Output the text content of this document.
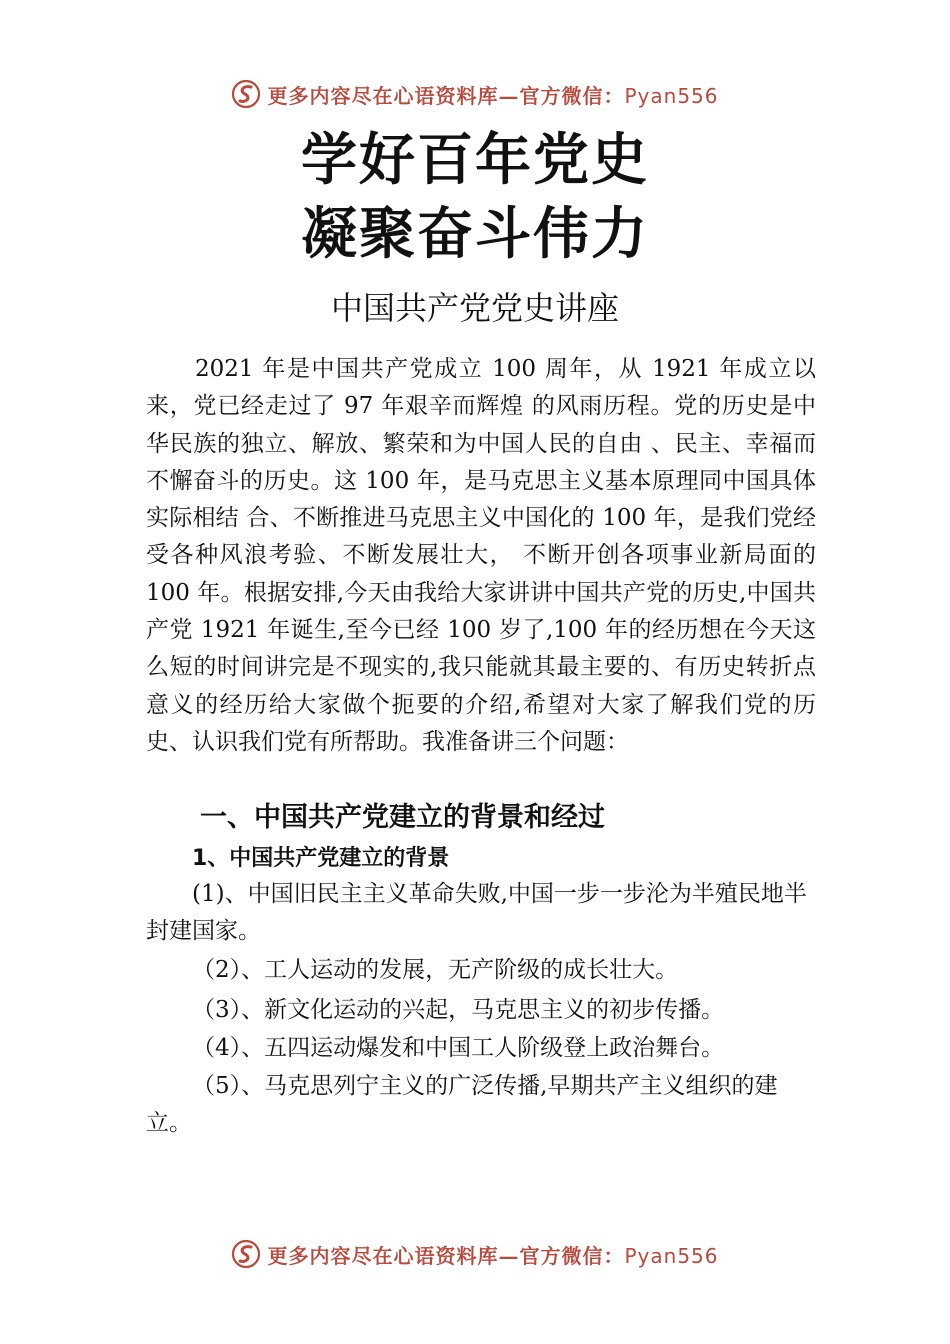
更多内容尽在心语资料库—官方微信：Pyan556
学好百年党史
凝聚奋斗伟力
中国共产党党史讲座
2021 年是中国共产党成立 100 周年，从 1921 年成立以来，党已经走过了 97 年艰辛而辉煌 的风雨历程。党的历史是中华民族的独立、解放、繁荣和为中国人民的自由 、民主、幸福而不懈奋斗的历史。这 100 年，是马克思主义基本原理同中国具体实际相结 合、不断推进马克思主义中国化的 100 年，是我们党经受各种风浪考验、不断发展壮大， 不断开创各项事业新局面的 100 年。根据安排,今天由我给大家讲讲中国共产党的历史,中国共产党 1921 年诞生,至今已经 100 岁了,100 年的经历想在今天这么短的时间讲完是不现实的,我只能就其最主要的、有历史转折点意义的经历给大家做个扼要的介绍,希望对大家了解我们党的历史、认识我们党有所帮助。我准备讲三个问题：
一、中国共产党建立的背景和经过
1、中国共产党建立的背景
(1)、中国旧民主主义革命失败,中国一步一步沦为半殖民地半封建国家。
（2）、工人运动的发展，无产阶级的成长壮大。
（3）、新文化运动的兴起，马克思主义的初步传播。
（4）、五四运动爆发和中国工人阶级登上政治舞台。
（5）、马克思列宁主义的广泛传播,早期共产主义组织的建立。
更多内容尽在心语资料库—官方微信：Pyan556
